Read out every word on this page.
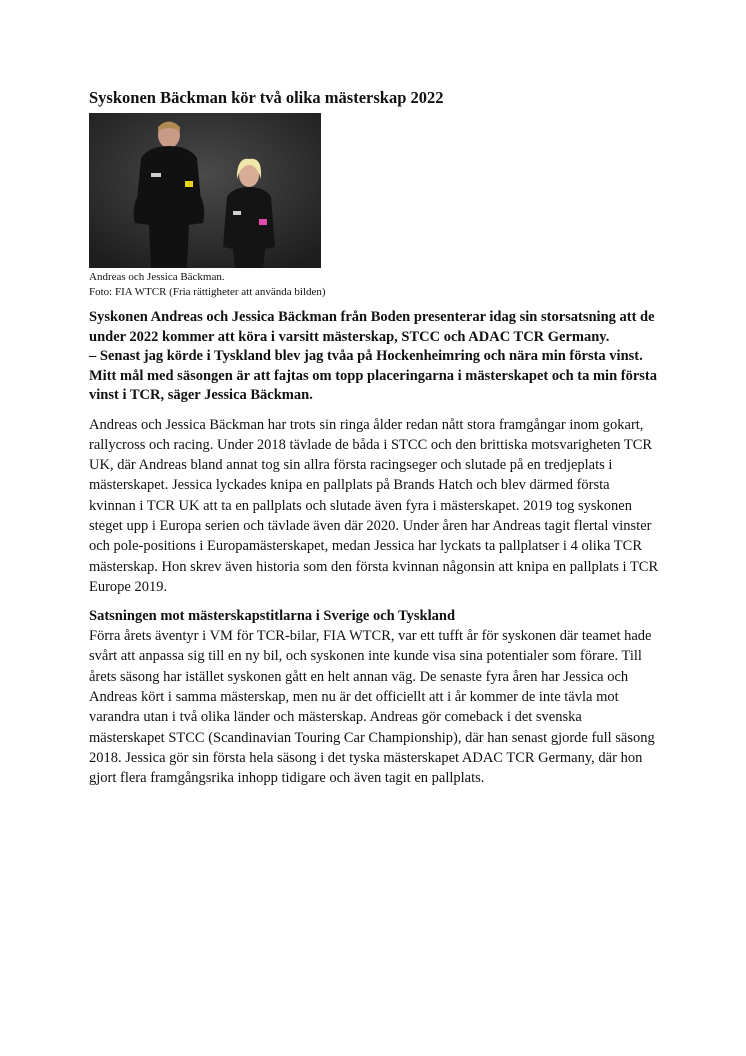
Syskonen Bäckman kör två olika mästerskap 2022
Andreas och Jessica Bäckman.
Foto: FIA WTCR (Fria rättigheter att använda bilden)

Syskonen Andreas och Jessica Bäckman från Boden presenterar idag sin storsatsning att de under 2022 kommer att köra i varsitt mästerskap, STCC och ADAC TCR Germany.

– Senast jag körde i Tyskland blev jag tvåa på Hockenheimring och nära min första vinst. Mitt mål med säsongen är att fajtas om topp placeringarna i mästerskapet och ta min första vinst i TCR, säger Jessica Bäckman.

Andreas och Jessica Bäckman har trots sin ringa ålder redan nått stora framgångar inom gokart, rallycross och racing. Under 2018 tävlade de båda i STCC och den brittiska motsvarigheten TCR UK, där Andreas bland annat tog sin allra första racingseger och slutade på en tredjeplats i mästerskapet. Jessica lyckades knipa en pallplats på Brands Hatch och blev därmed första kvinnan i TCR UK att ta en pallplats och slutade även fyra i mästerskapet. 2019 tog syskonen steget upp i Europa serien och tävlade även där 2020. Under åren har Andreas tagit flertal vinster och pole-positions i Europamästerskapet, medan Jessica har lyckats ta pallplatser i 4 olika TCR mästerskap. Hon skrev även historia som den första kvinnan någonsin att knipa en pallplats i TCR Europe 2019.

Satsningen mot mästerskapstitlarna i Sverige och Tyskland
Förra årets äventyr i VM för TCR-bilar, FIA WTCR, var ett tufft år för syskonen där teamet hade svårt att anpassa sig till en ny bil, och syskonen inte kunde visa sina potentialer som förare. Till årets säsong har istället syskonen gått en helt annan väg. De senaste fyra åren har Jessica och Andreas kört i samma mästerskap, men nu är det officiellt att i år kommer de inte tävla mot varandra utan i två olika länder och mästerskap. Andreas gör comeback i det svenska mästerskapet STCC (Scandinavian Touring Car Championship), där han senast gjorde full säsong 2018. Jessica gör sin första hela säsong i det tyska mästerskapet ADAC TCR Germany, där hon gjort flera framgångsrika inhopp tidigare och även tagit en pallplats.
